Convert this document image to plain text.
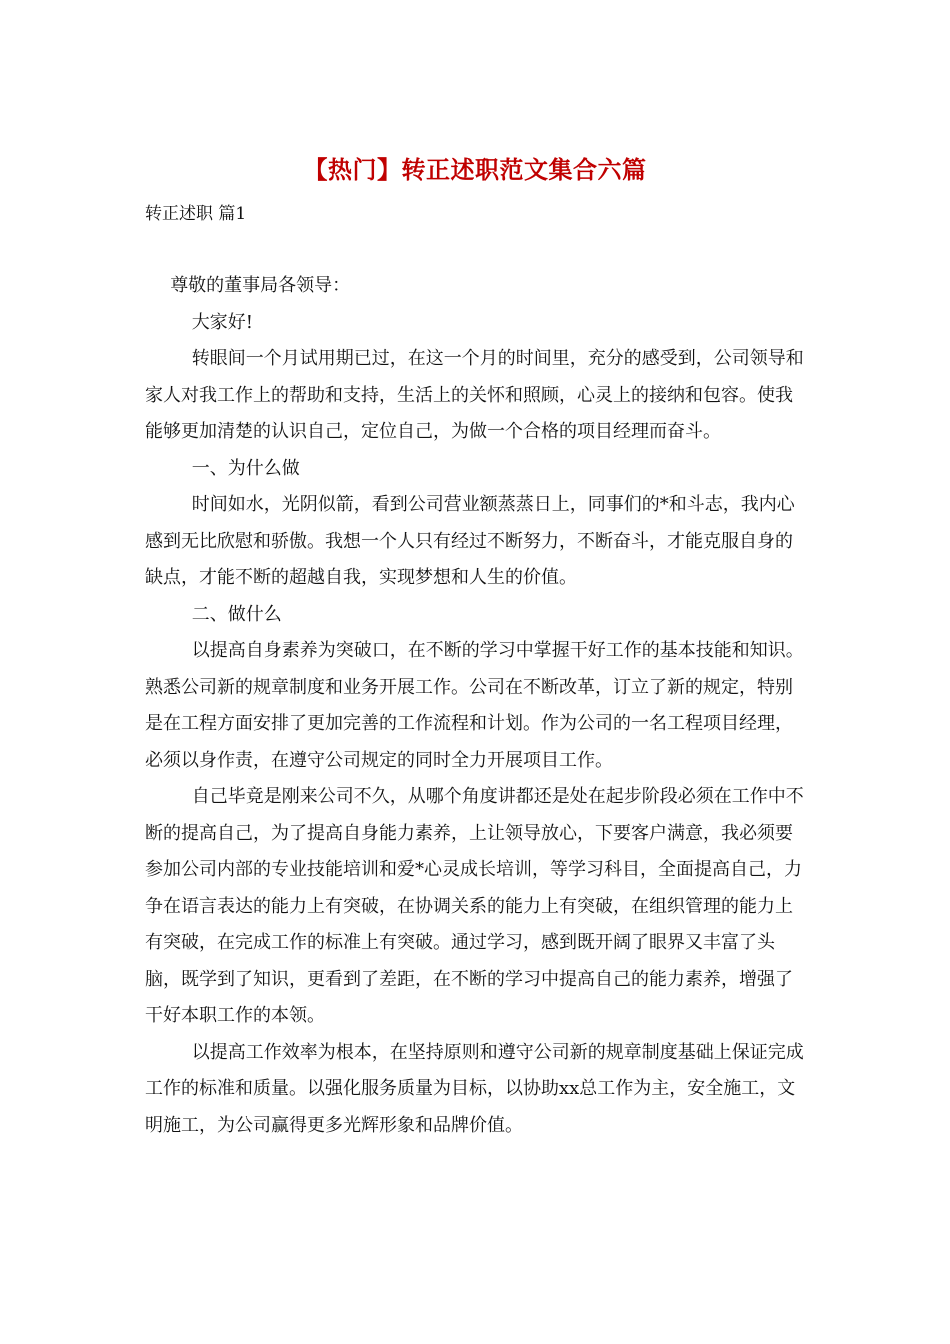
【热门】转正述职范文集合六篇
转正述职 篇1

尊敬的董事局各领导：

大家好!

转眼间一个月试用期已过，在这一个月的时间里，充分的感受到，公司领导和家人对我工作上的帮助和支持，生活上的关怀和照顾，心灵上的接纳和包容。使我能够更加清楚的认识自己，定位自己，为做一个合格的项目经理而奋斗。

一、为什么做

时间如水，光阴似箭，看到公司营业额蒸蒸日上，同事们的*和斗志，我内心感到无比欣慰和骄傲。我想一个人只有经过不断努力，不断奋斗，才能克服自身的缺点，才能不断的超越自我，实现梦想和人生的价值。

二、做什么

以提高自身素养为突破口，在不断的学习中掌握干好工作的基本技能和知识。熟悉公司新的规章制度和业务开展工作。公司在不断改革，订立了新的规定，特别是在工程方面安排了更加完善的工作流程和计划。作为公司的一名工程项目经理，必须以身作责，在遵守公司规定的同时全力开展项目工作。

自己毕竟是刚来公司不久，从哪个角度讲都还是处在起步阶段必须在工作中不断的提高自己，为了提高自身能力素养，上让领导放心，下要客户满意，我必须要参加公司内部的专业技能培训和爱*心灵成长培训，等学习科目，全面提高自己，力争在语言表达的能力上有突破，在协调关系的能力上有突破，在组织管理的能力上有突破，在完成工作的标准上有突破。通过学习，感到既开阔了眼界又丰富了头脑，既学到了知识，更看到了差距，在不断的学习中提高自己的能力素养，增强了干好本职工作的本领。

以提高工作效率为根本，在坚持原则和遵守公司新的规章制度基础上保证完成工作的标准和质量。以强化服务质量为目标，以协助xx总工作为主，安全施工，文明施工，为公司赢得更多光辉形象和品牌价值。
